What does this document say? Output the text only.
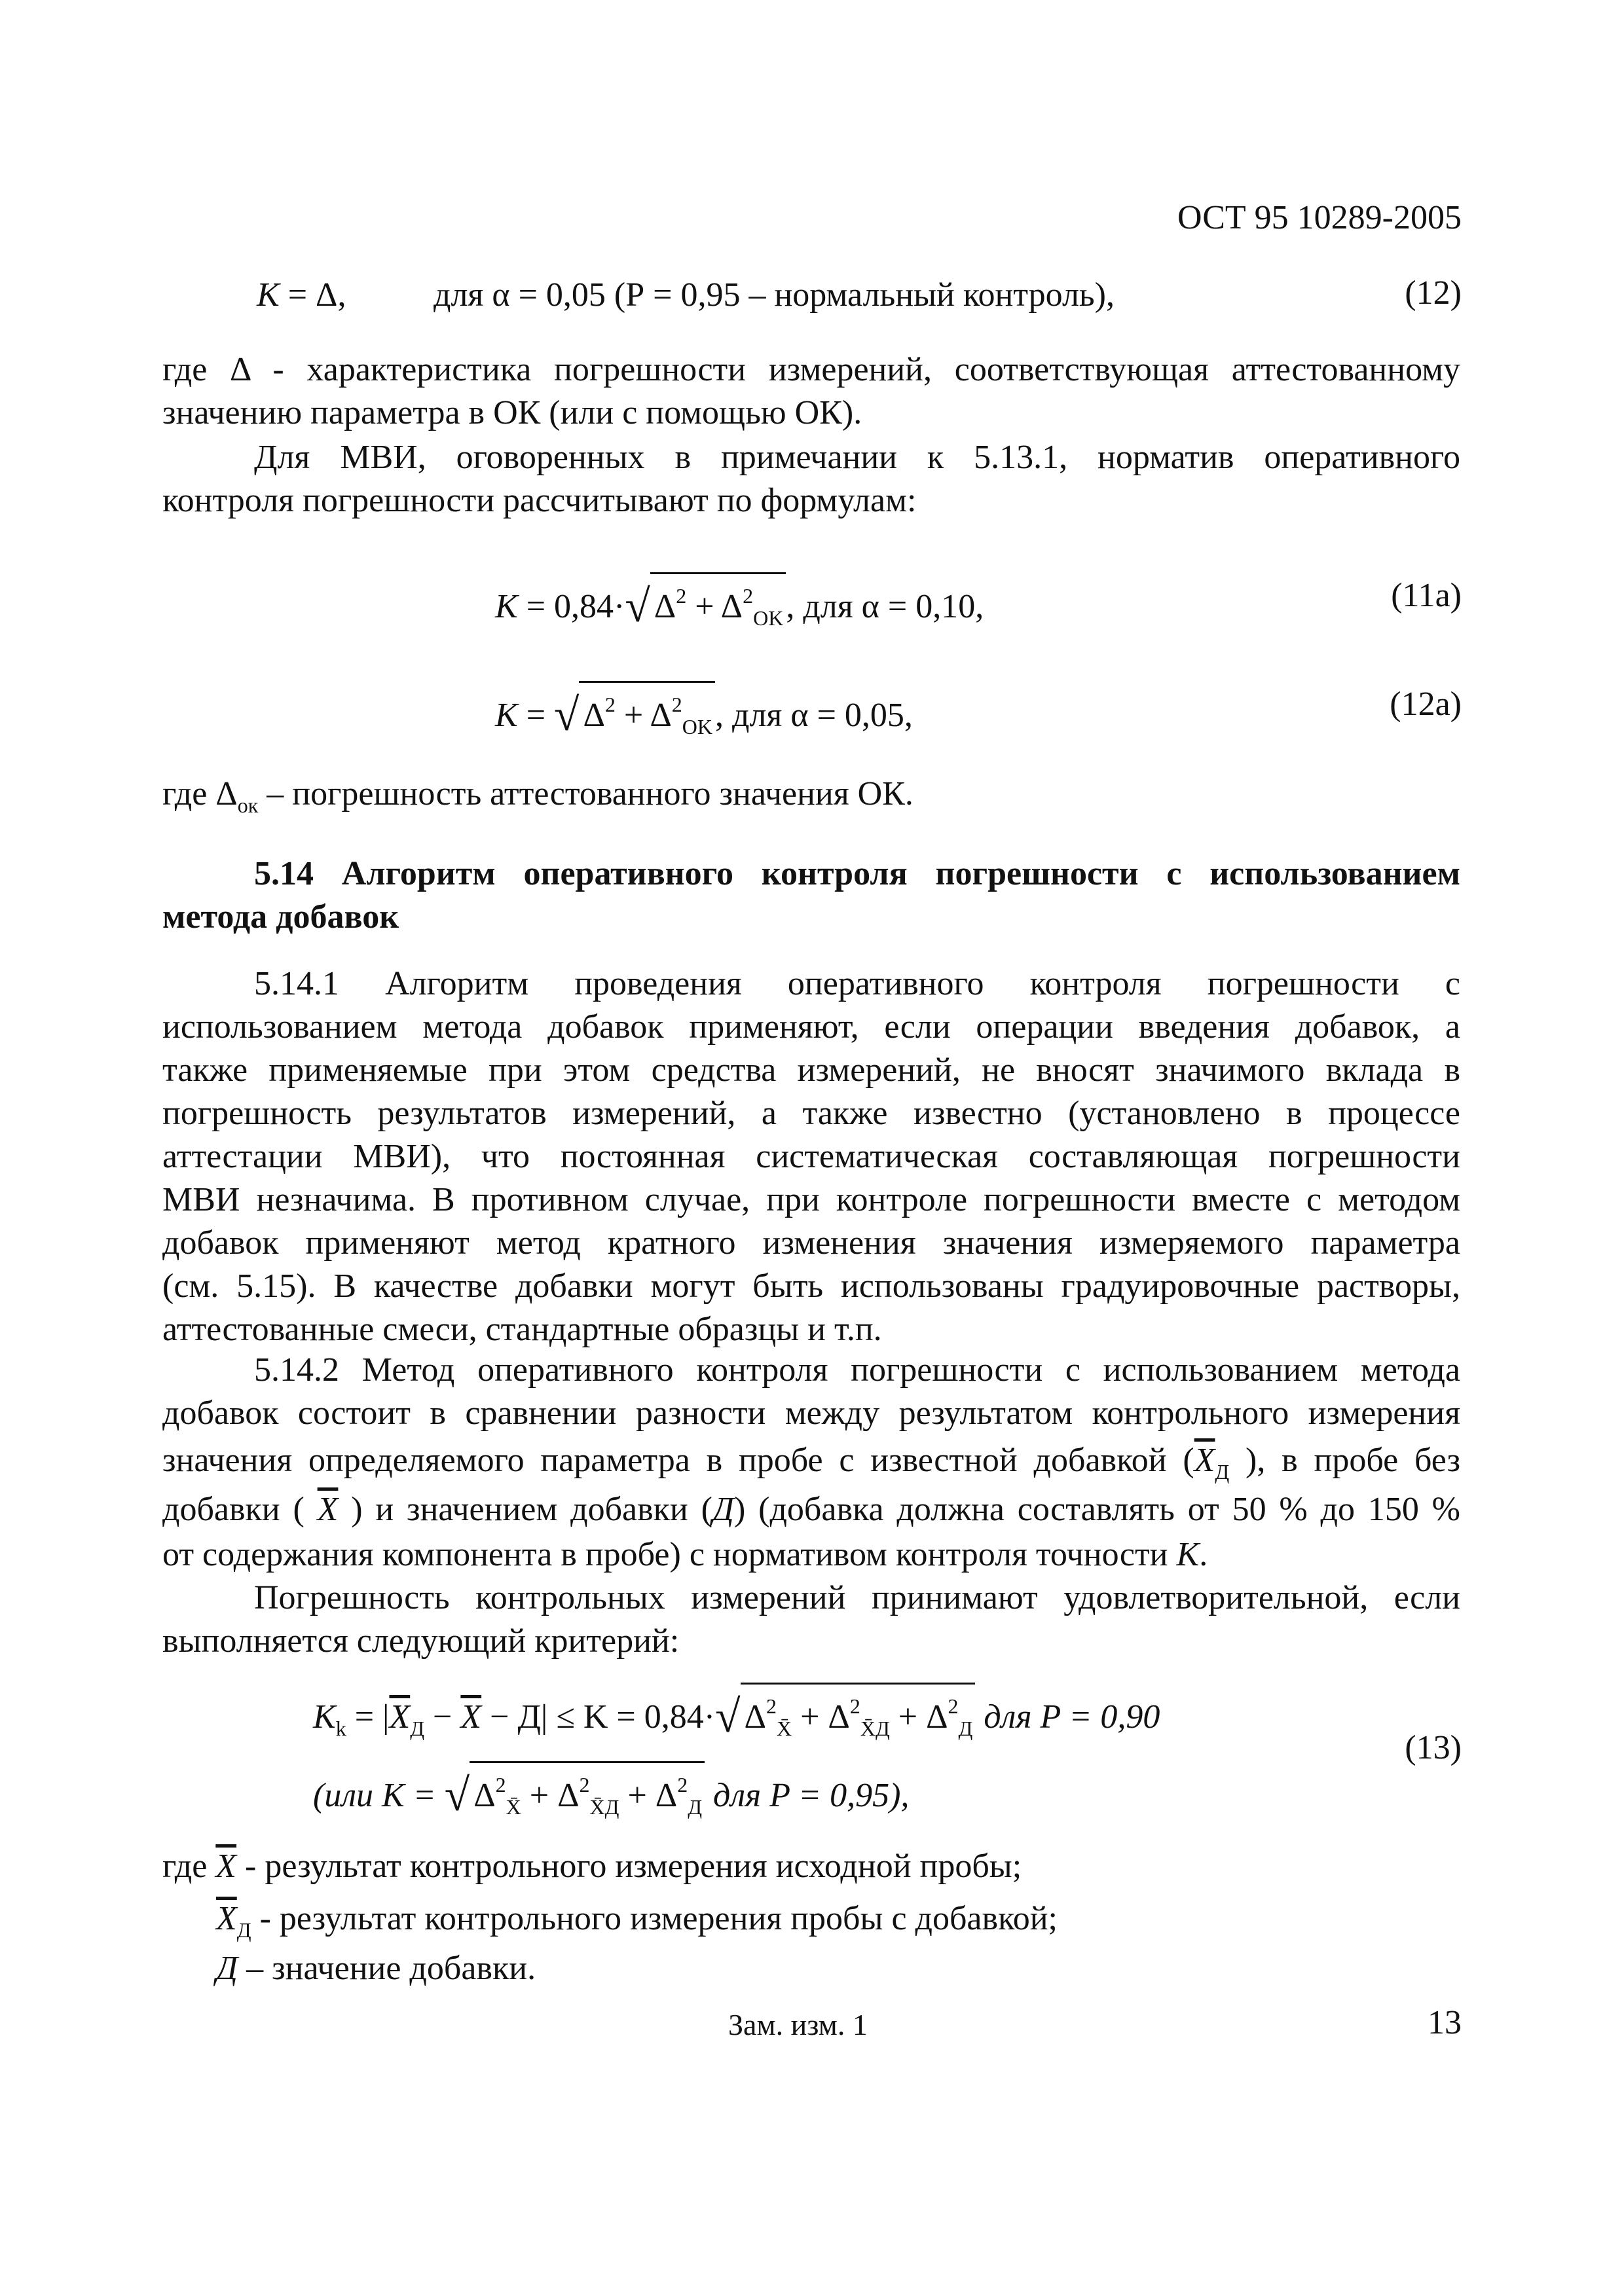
ОСТ 95 10289-2005
K = Δ,	для α = 0,05 (Р = 0,95 – нормальный контроль),	(12)
где Δ - характеристика погрешности измерений, соответствующая аттестованному
значению параметра в ОК (или с помощью ОК).
Для МВИ, оговоренных в примечании к 5.13.1, норматив оперативного
контроля погрешности рассчитывают по формулам:
K = 0,84·√ $\Delta^2 + \Delta^2_{OK}$, для α = 0,10,	(11а)
K = √ $\Delta^2 + \Delta^2_{OK}$, для α = 0,05,	(12а)
где $\Delta_{ок}$ – погрешность аттестованного значения ОК.
5.14 Алгоритм оперативного контроля погрешности с использованием
метода добавок
5.14.1 Алгоритм проведения оперативного контроля погрешности с
использованием метода добавок применяют, если операции введения добавок, а
также применяемые при этом средства измерений, не вносят значимого вклада в
погрешность результатов измерений, а также известно (установлено в процессе
аттестации МВИ), что постоянная систематическая составляющая погрешности
МВИ незначима. В противном случае, при контроле погрешности вместе с методом
добавок применяют метод кратного изменения значения измеряемого параметра
(см. 5.15). В качестве добавки могут быть использованы градуировочные растворы,
аттестованные смеси, стандартные образцы и т.п.
5.14.2 Метод оперативного контроля погрешности с использованием метода
добавок состоит в сравнении разности между результатом контрольного измерения
значения определяемого параметра в пробе с известной добавкой ($\overline{X}_Д$ ), в пробе без
добавки ( $\overline{X}$ ) и значением добавки (Д) (добавка должна составлять от 50 % до 150 %
от содержания компонента в пробе) с нормативом контроля точности K.
Погрешность контрольных измерений принимают удовлетворительной, если
выполняется следующий критерий:
$K_k = |\overline{X}_Д - \overline{X} - Д| \le K = 0,84\cdot√$ $\Delta^2_{X̄} + \Delta^2_{X̄Д} + \Delta^2_Д$ для P = 0,90
(или K = √ $\Delta^2_{X̄} + \Delta^2_{X̄Д} + \Delta^2_Д$ для P = 0,95),
(13)
где $\overline{X}$ - результат контрольного измерения исходной пробы;
$\overline{X}_Д$ - результат контрольного измерения пробы с добавкой;
Д – значение добавки.
Зам. изм. 1	13
